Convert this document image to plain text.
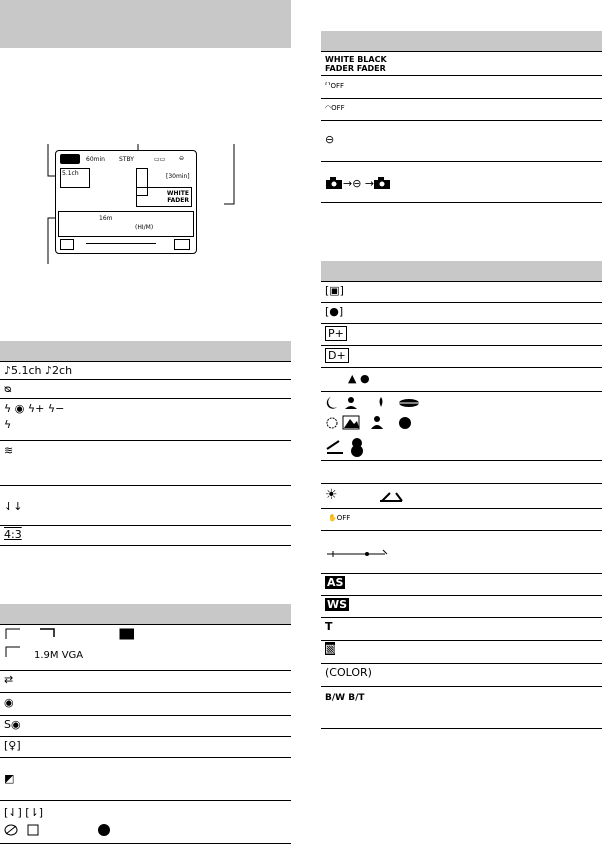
60min STBY	▭▭ ⊖
5.1ch	[30min]
WHITE FADER
16m
(HI/M)
♪5.1ch ♪2ch
ᴓ
ϟ ◉ ϟ+ ϟ−
ϟ
≋
⇃↓
4:3
1.9M VGA
⇄
◉
S◉
[♀]
◩
[⇃] [⇂]
WHITE BLACK
FADER FADER
⸢⸣OFF
◠OFF
⊖
→⊖ →▯
[▣]
[●]
P+
D+
▲ ●
☀
✋OFF
AS
WS
T
▧
(COLOR)
B/W B/T
